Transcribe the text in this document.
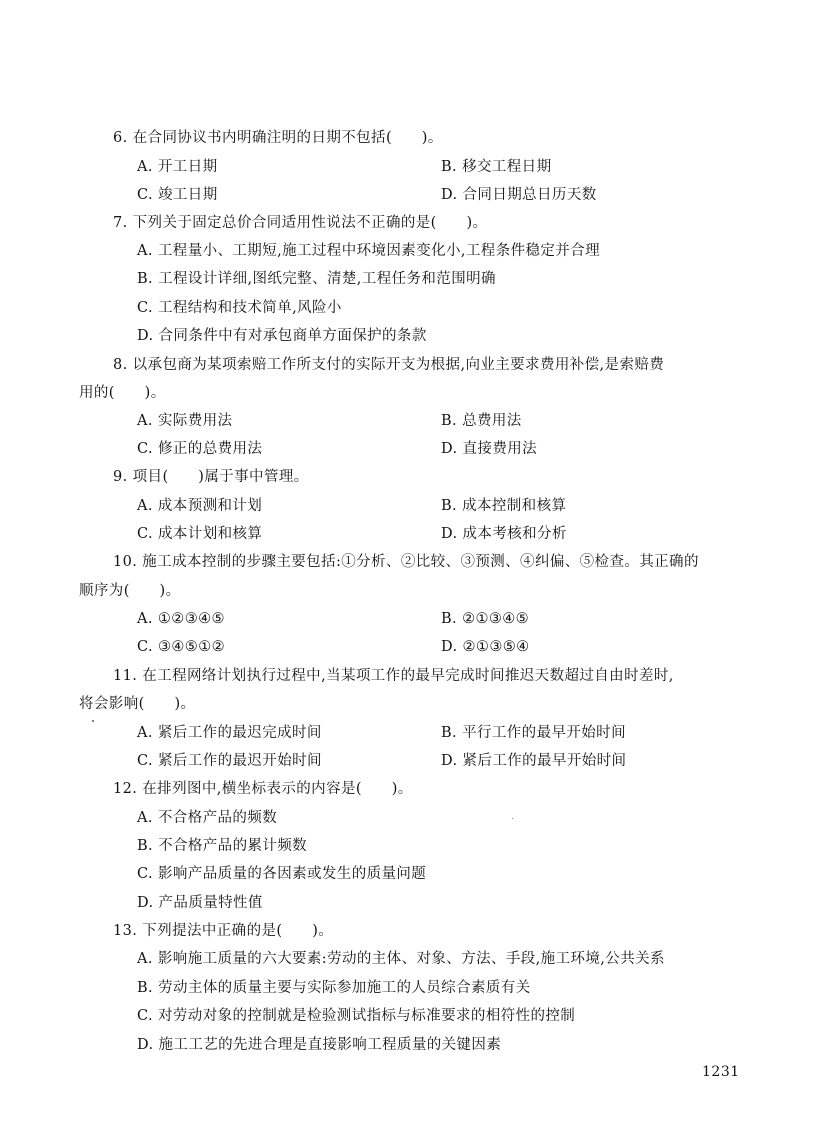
6. 在合同协议书内明确注明的日期不包括(　　)。
A. 开工日期	B. 移交工程日期
C. 竣工日期	D. 合同日期总日历天数
7. 下列关于固定总价合同适用性说法不正确的是(　　)。
A. 工程量小、工期短,施工过程中环境因素变化小,工程条件稳定并合理
B. 工程设计详细,图纸完整、清楚,工程任务和范围明确
C. 工程结构和技术简单,风险小
D. 合同条件中有对承包商单方面保护的条款
8. 以承包商为某项索赔工作所支付的实际开支为根据,向业主要求费用补偿,是索赔费
用的(　　)。
A. 实际费用法	B. 总费用法
C. 修正的总费用法	D. 直接费用法
9. 项目(　　)属于事中管理。
A. 成本预测和计划	B. 成本控制和核算
C. 成本计划和核算	D. 成本考核和分析
10. 施工成本控制的步骤主要包括:①分析、②比较、③预测、④纠偏、⑤检查。其正确的
顺序为(　　)。
A. ①②③④⑤	B. ②①③④⑤
C. ③④⑤①②	D. ②①③⑤④
11. 在工程网络计划执行过程中,当某项工作的最早完成时间推迟天数超过自由时差时,
将会影响(　　)。
A. 紧后工作的最迟完成时间	B. 平行工作的最早开始时间
C. 紧后工作的最迟开始时间	D. 紧后工作的最早开始时间
12. 在排列图中,横坐标表示的内容是(　　)。
A. 不合格产品的频数
B. 不合格产品的累计频数
C. 影响产品质量的各因素或发生的质量问题
D. 产品质量特性值
13. 下列提法中正确的是(　　)。
A. 影响施工质量的六大要素:劳动的主体、对象、方法、手段,施工环境,公共关系
B. 劳动主体的质量主要与实际参加施工的人员综合素质有关
C. 对劳动对象的控制就是检验测试指标与标准要求的相符性的控制
D. 施工工艺的先进合理是直接影响工程质量的关键因素
1231
